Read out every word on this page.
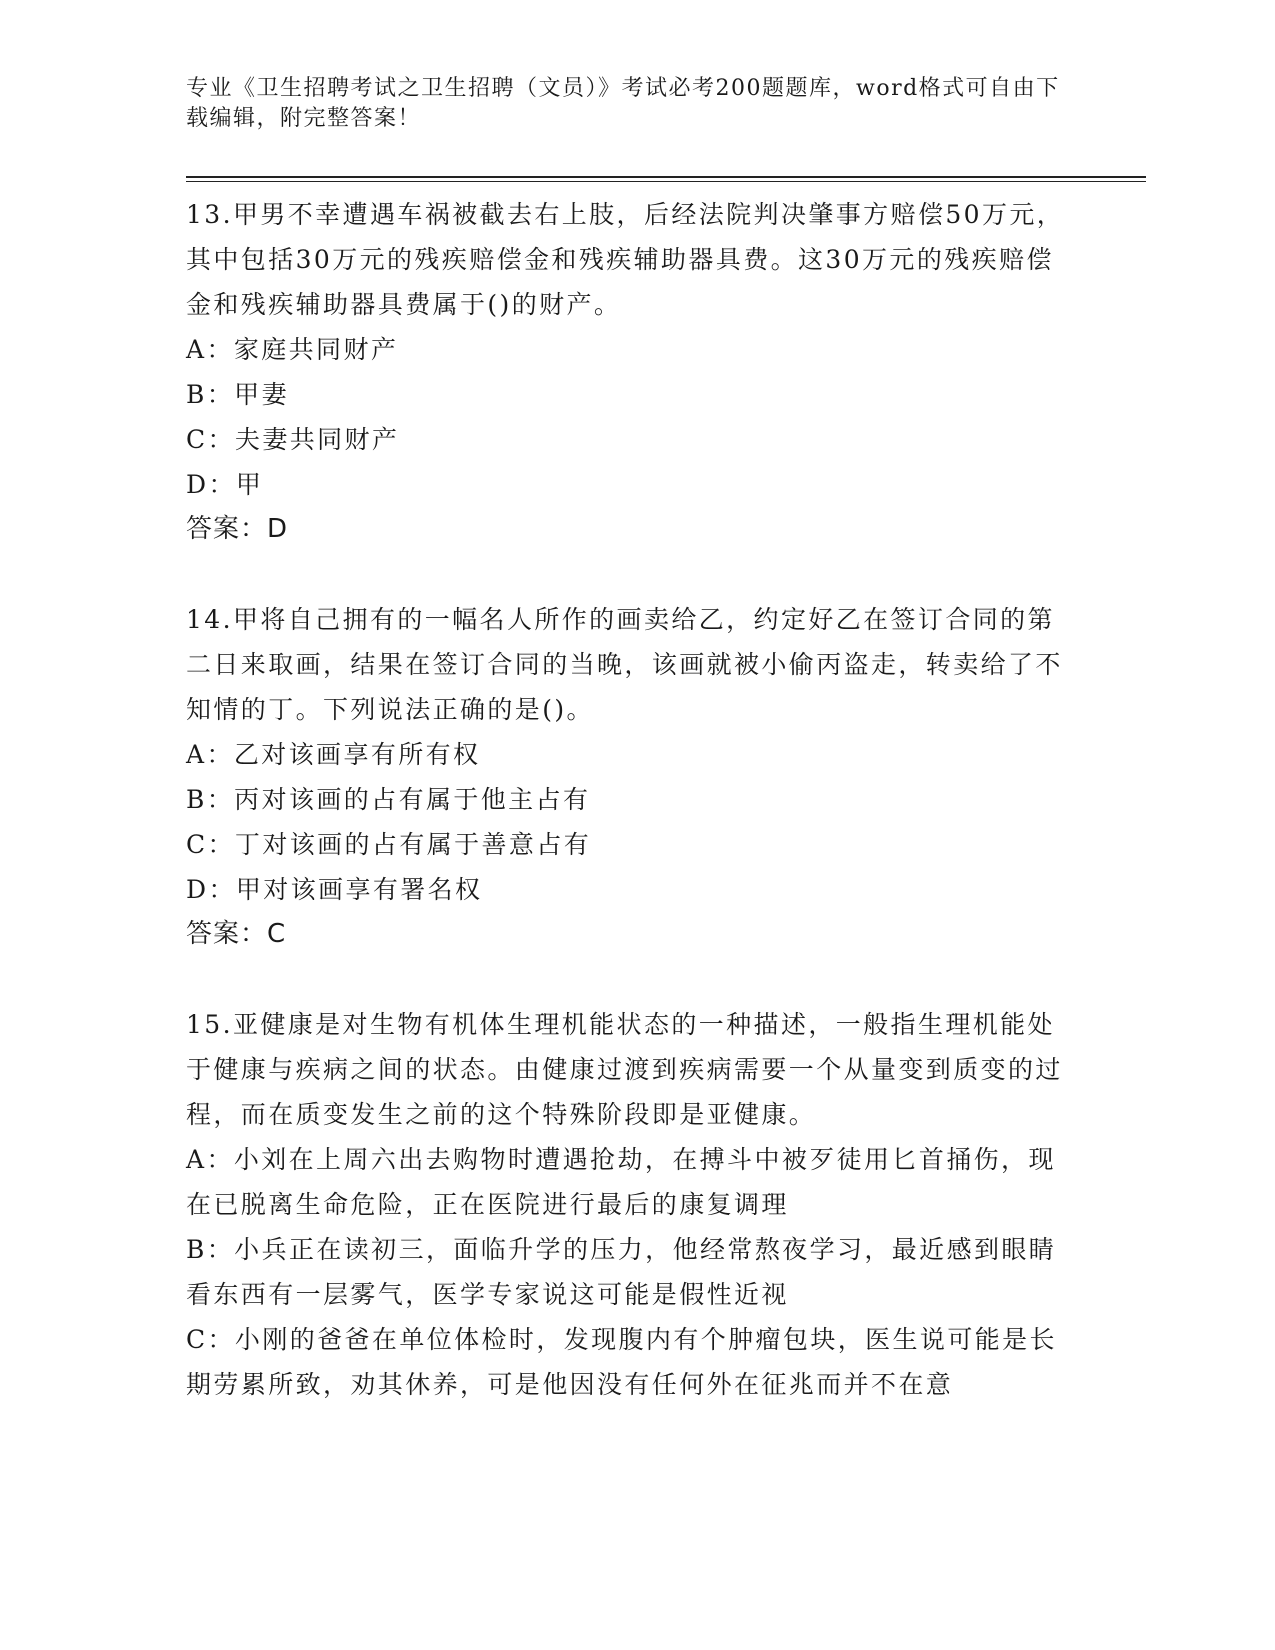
专业《卫生招聘考试之卫生招聘（文员）》考试必考200题题库，word格式可自由下载编辑，附完整答案！
13.甲男不幸遭遇车祸被截去右上肢，后经法院判决肇事方赔偿50万元，其中包括30万元的残疾赔偿金和残疾辅助器具费。这30万元的残疾赔偿金和残疾辅助器具费属于()的财产。
A：家庭共同财产
B：甲妻
C：夫妻共同财产
D：甲
答案：D
14.甲将自己拥有的一幅名人所作的画卖给乙，约定好乙在签订合同的第二日来取画，结果在签订合同的当晚，该画就被小偷丙盗走，转卖给了不知情的丁。下列说法正确的是()。
A：乙对该画享有所有权
B：丙对该画的占有属于他主占有
C：丁对该画的占有属于善意占有
D：甲对该画享有署名权
答案：C
15.亚健康是对生物有机体生理机能状态的一种描述，一般指生理机能处于健康与疾病之间的状态。由健康过渡到疾病需要一个从量变到质变的过程，而在质变发生之前的这个特殊阶段即是亚健康。
A：小刘在上周六出去购物时遭遇抢劫，在搏斗中被歹徒用匕首捅伤，现在已脱离生命危险，正在医院进行最后的康复调理
B：小兵正在读初三，面临升学的压力，他经常熬夜学习，最近感到眼睛看东西有一层雾气，医学专家说这可能是假性近视
C：小刚的爸爸在单位体检时，发现腹内有个肿瘤包块，医生说可能是长期劳累所致，劝其休养，可是他因没有任何外在征兆而并不在意
